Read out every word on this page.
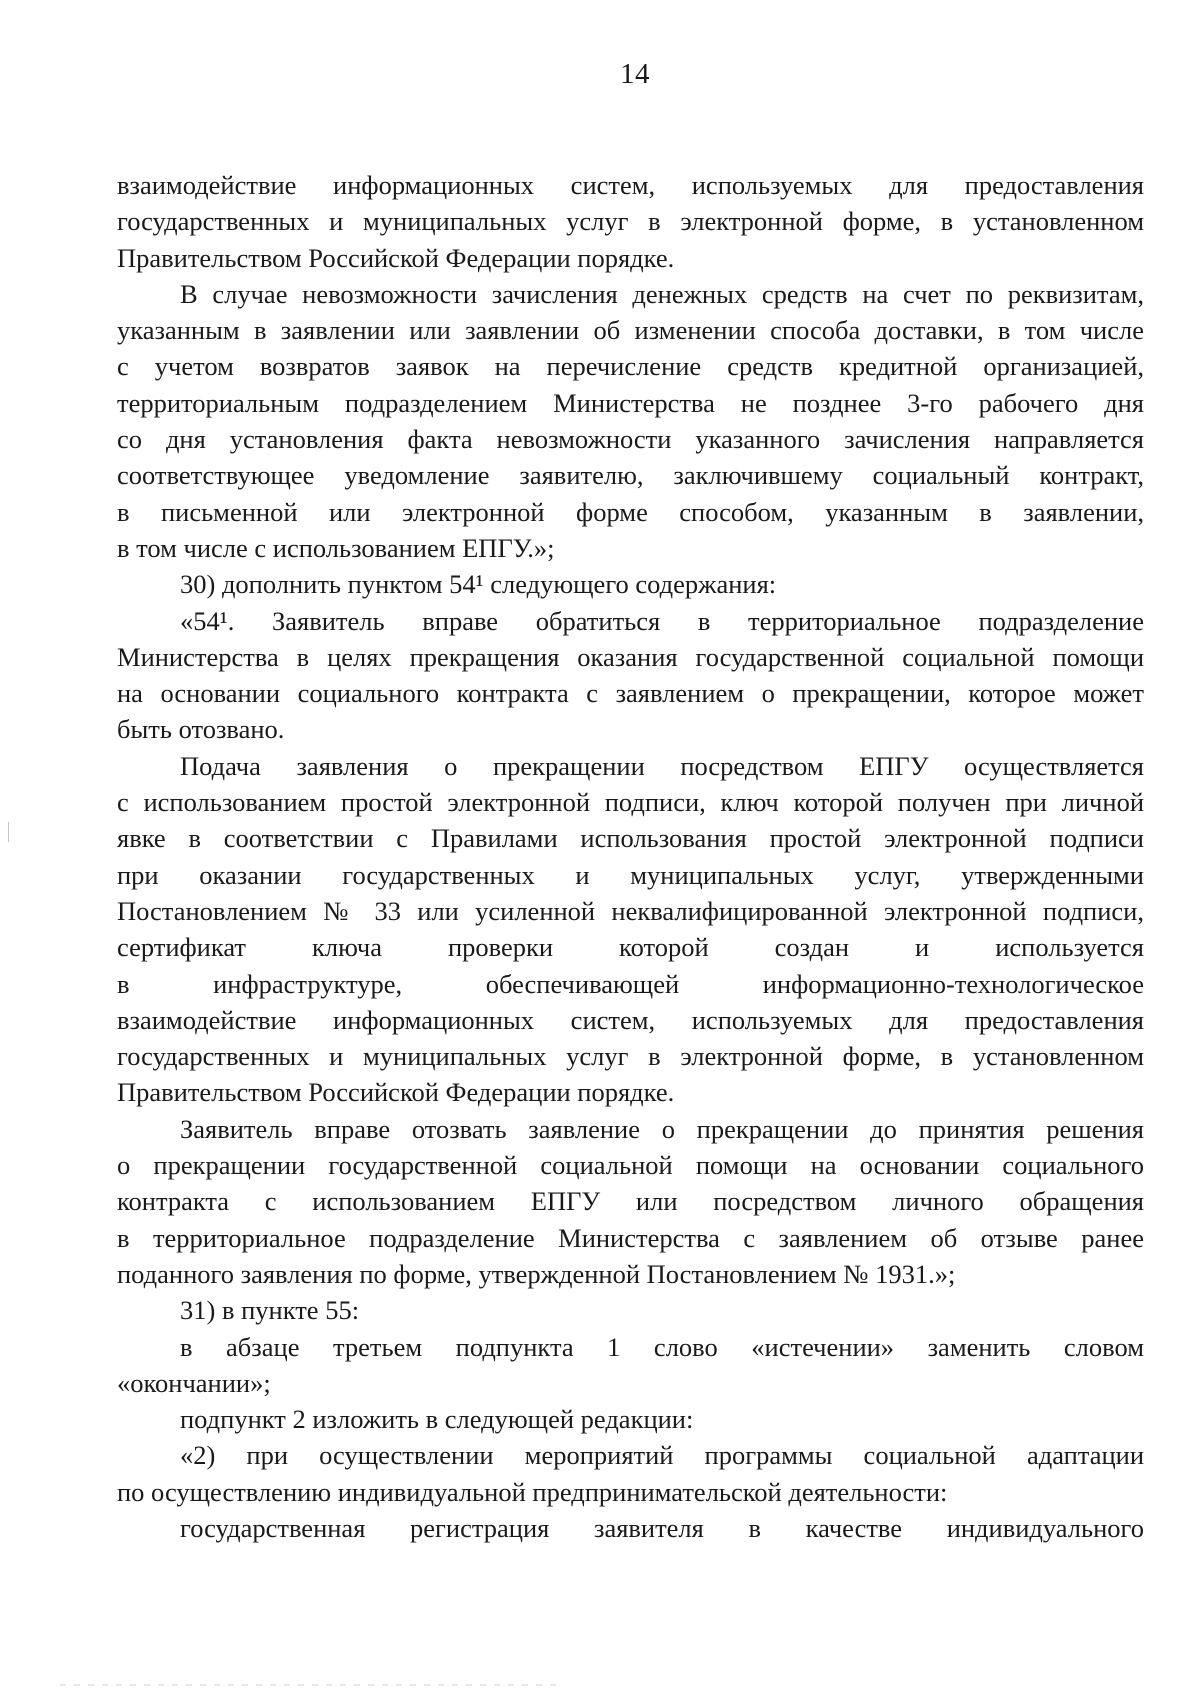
14
взаимодействие информационных систем, используемых для предоставления
государственных и муниципальных услуг в электронной форме, в установленном
Правительством Российской Федерации порядке.
В случае невозможности зачисления денежных средств на счет по реквизитам,
указанным в заявлении или заявлении об изменении способа доставки, в том числе
с учетом возвратов заявок на перечисление средств кредитной организацией,
территориальным подразделением Министерства не позднее 3-го рабочего дня
со дня установления факта невозможности указанного зачисления направляется
соответствующее уведомление заявителю, заключившему социальный контракт,
в письменной или электронной форме способом, указанным в заявлении,
в том числе с использованием ЕПГУ.»;
30) дополнить пунктом 54¹ следующего содержания:
«54¹. Заявитель вправе обратиться в территориальное подразделение
Министерства в целях прекращения оказания государственной социальной помощи
на основании социального контракта с заявлением о прекращении, которое может
быть отозвано.
Подача заявления о прекращении посредством ЕПГУ осуществляется
с использованием простой электронной подписи, ключ которой получен при личной
явке в соответствии с Правилами использования простой электронной подписи
при оказании государственных и муниципальных услуг, утвержденными
Постановлением № 33 или усиленной неквалифицированной электронной подписи,
сертификат ключа проверки которой создан и используется
в инфраструктуре, обеспечивающей информационно-технологическое
взаимодействие информационных систем, используемых для предоставления
государственных и муниципальных услуг в электронной форме, в установленном
Правительством Российской Федерации порядке.
Заявитель вправе отозвать заявление о прекращении до принятия решения
о прекращении государственной социальной помощи на основании социального
контракта с использованием ЕПГУ или посредством личного обращения
в территориальное подразделение Министерства с заявлением об отзыве ранее
поданного заявления по форме, утвержденной Постановлением № 1931.»;
31) в пункте 55:
в абзаце третьем подпункта 1 слово «истечении» заменить словом
«окончании»;
подпункт 2 изложить в следующей редакции:
«2) при осуществлении мероприятий программы социальной адаптации
по осуществлению индивидуальной предпринимательской деятельности:
государственная регистрация заявителя в качестве индивидуального
